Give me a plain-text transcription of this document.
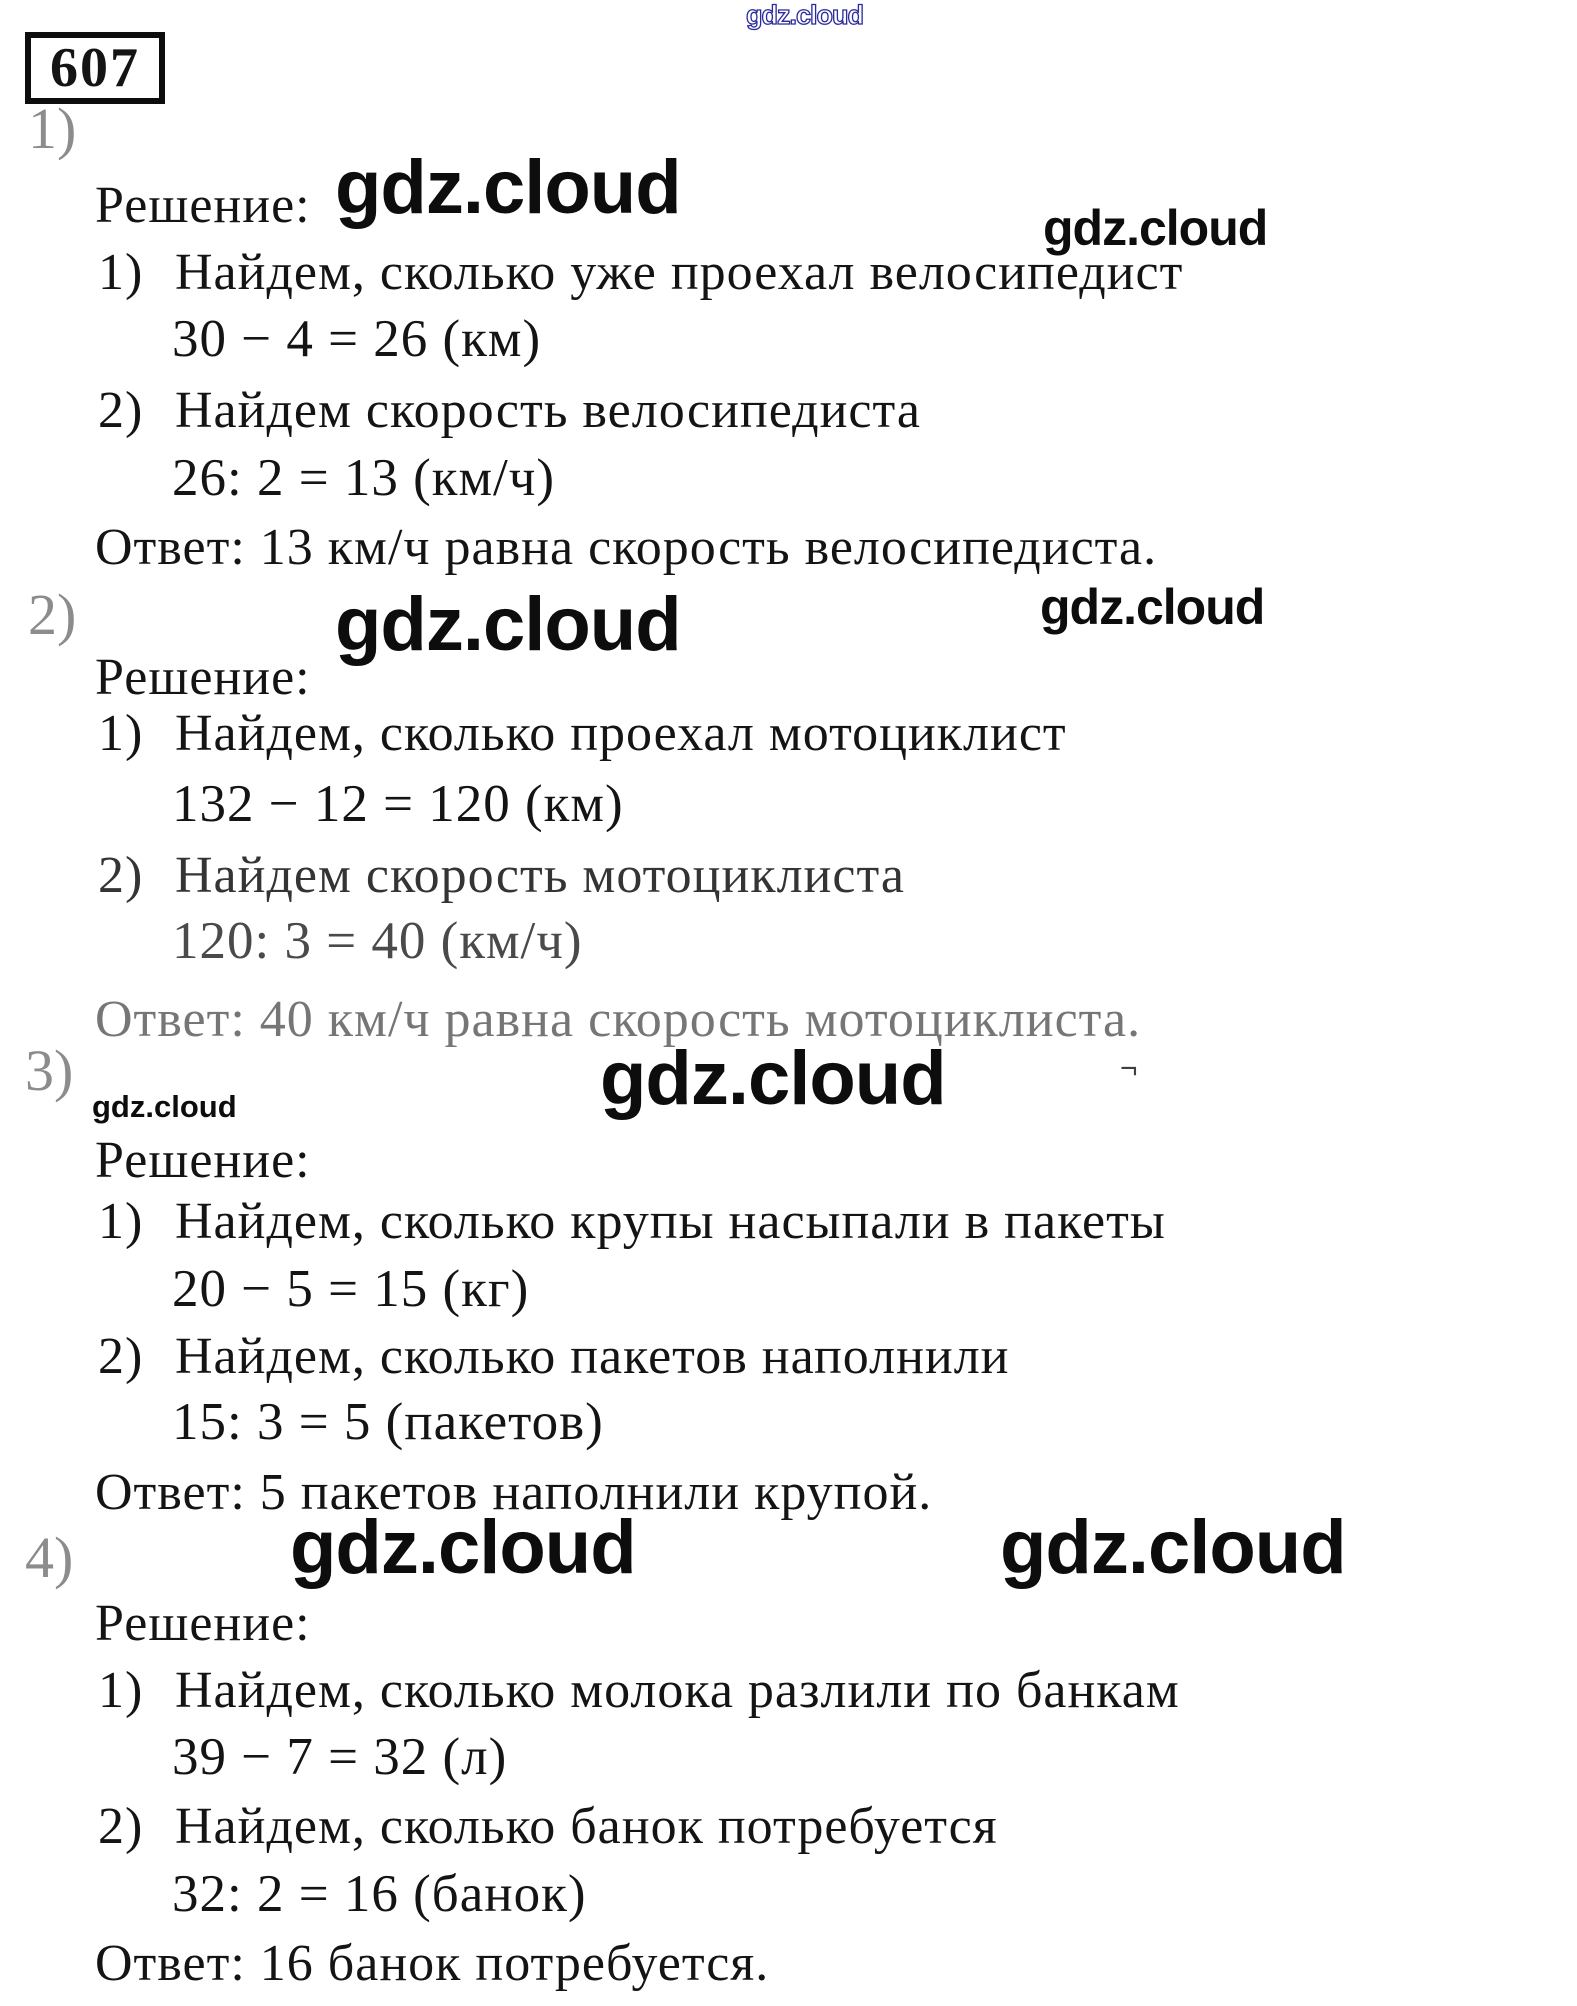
gdz.cloud
607
1)
Решение: gdz.cloud	gdz.cloud
1) Найдем, сколько уже проехал велосипедист
30 − 4 = 26 (км)
2) Найдем скорость велосипедиста
26: 2 = 13 (км/ч)
Ответ: 13 км/ч равна скорость велосипедиста.
2)	gdz.cloud	gdz.cloud
Решение:
1) Найдем, сколько проехал мотоциклист
132 − 12 = 120 (км)
2) Найдем скорость мотоциклиста
120: 3 = 40 (км/ч)
Ответ: 40 км/ч равна скорость мотоциклиста.
3)	gdz.cloud	¬
gdz.cloud
Решение:
1) Найдем, сколько крупы насыпали в пакеты
20 − 5 = 15 (кг)
2) Найдем, сколько пакетов наполнили
15: 3 = 5 (пакетов)
Ответ: 5 пакетов наполнили крупой.
4)	gdz.cloud	gdz.cloud
Решение:
1) Найдем, сколько молока разлили по банкам
39 − 7 = 32 (л)
2) Найдем, сколько банок потребуется
32: 2 = 16 (банок)
Ответ: 16 банок потребуется.
